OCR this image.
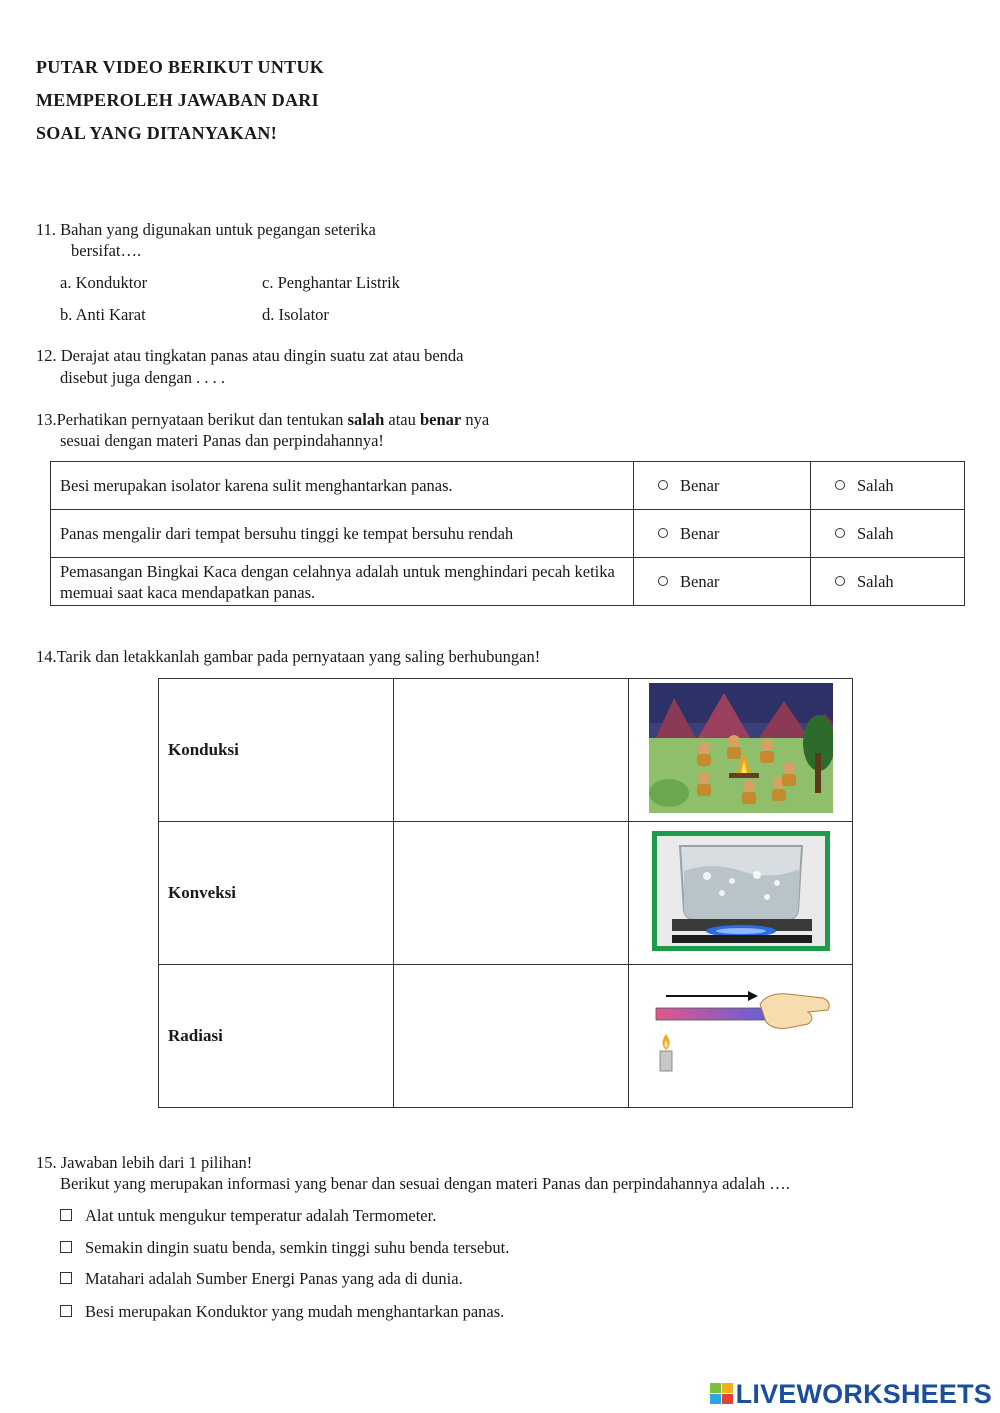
PUTAR VIDEO BERIKUT UNTUK
MEMPEROLEH JAWABAN DARI
SOAL YANG DITANYAKAN!
11. Bahan yang digunakan untuk pegangan seterika
bersifat….
a. Konduktor	c. Penghantar Listrik
b. Anti Karat	d. Isolator
12. Derajat atau tingkatan panas atau dingin suatu zat atau benda
disebut juga dengan . . . .
13.Perhatikan pernyataan berikut dan tentukan salah atau benar nya
sesuai dengan materi Panas dan perpindahannya!
Besi merupakan isolator karena sulit menghantarkan panas.	Benar	Salah
Panas mengalir dari tempat bersuhu tinggi ke tempat bersuhu rendah	Benar	Salah
Pemasangan Bingkai Kaca dengan celahnya adalah untuk menghindari pecah ketika memuai saat kaca mendapatkan panas.	Benar	Salah
14.Tarik dan letakkanlah gambar pada pernyataan yang saling berhubungan!
Konduksi		
Konveksi		
Radiasi		
15. Jawaban lebih dari 1 pilihan!
Berikut yang merupakan informasi yang benar dan sesuai dengan materi Panas dan perpindahannya adalah ….
Alat untuk mengukur temperatur adalah Termometer.
Semakin dingin suatu benda, semkin tinggi suhu benda tersebut.
Matahari adalah Sumber Energi Panas yang ada di dunia.
Besi merupakan Konduktor yang mudah menghantarkan panas.
LIVEWORKSHEETS
